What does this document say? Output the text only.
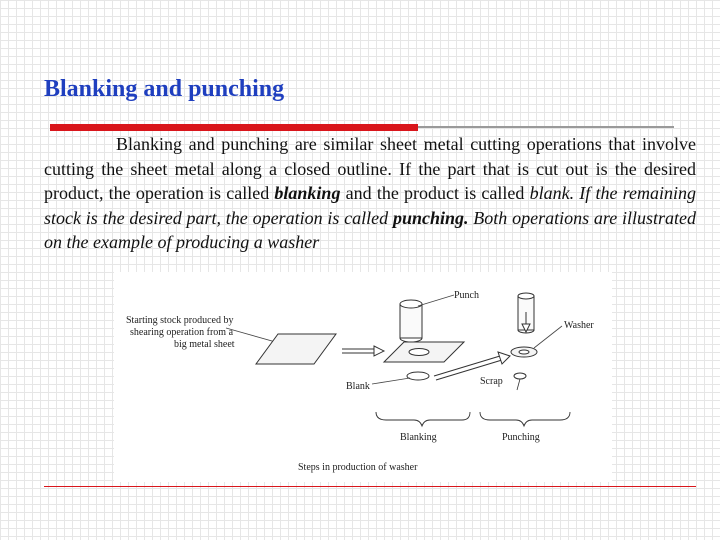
Blanking and punching
Blanking and punching are similar sheet metal cutting operations that involve cutting the sheet metal along a closed outline. If the part that is cut out is the desired product, the operation is called blanking and the product is called blank. If the remaining stock is the desired part, the operation is called punching. Both operations are illustrated on the example of producing a washer
Starting stock produced by
shearing operation from a
big metal sheet
Punch
Blank
Washer
Scrap
Blanking	Punching
Steps in production of washer
